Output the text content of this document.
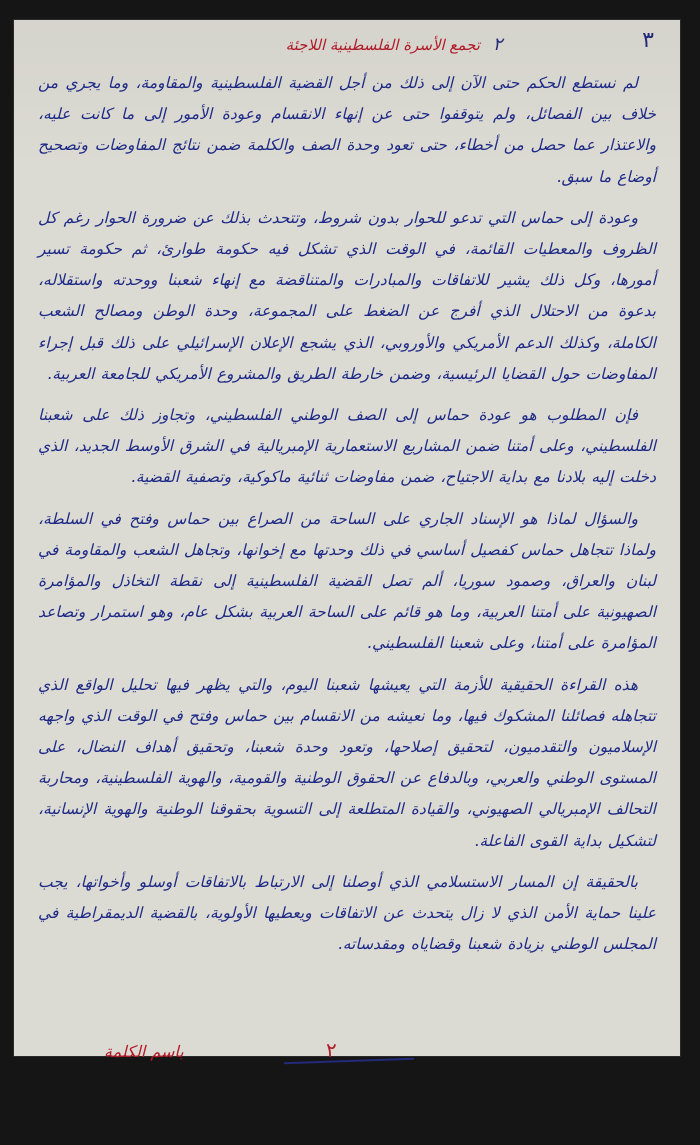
٣
٢ تجمع الأسرة الفلسطينية اللاجئة

لم نستطع الحكم حتى الآن إلى ذلك من أجل القضية الفلسطينية والمقاومة، وما يجري من خلاف بين الفصائل، ولم يتوقفوا حتى عن إنهاء الانقسام وعودة الأمور إلى ما كانت عليه، والاعتذار عما حصل من أخطاء، حتى تعود وحدة الصف والكلمة ضمن نتائج المفاوضات وتصحيح أوضاع ما سبق.

وعودة إلى حماس التي تدعو للحوار بدون شروط، وتتحدث بذلك عن ضرورة الحوار رغم كل الظروف والمعطيات القائمة، في الوقت الذي تشكل فيه حكومة طوارئ، ثم حكومة تسير أمورها، وكل ذلك يشير للاتفاقات والمبادرات والمتناقضة مع إنهاء شعبنا ووحدته واستقلاله، بدعوة من الاحتلال الذي أفرج عن الضغط على المجموعة، وحدة الوطن ومصالح الشعب الكاملة، وكذلك الدعم الأمريكي والأوروبي، الذي يشجع الإعلان الإسرائيلي على ذلك قبل إجراء المفاوضات حول القضايا الرئيسية، وضمن خارطة الطريق والمشروع الأمريكي للجامعة العربية.

فإن المطلوب هو عودة حماس إلى الصف الوطني الفلسطيني، وتجاوز ذلك على شعبنا الفلسطيني، وعلى أمتنا ضمن المشاريع الاستعمارية الإمبريالية في الشرق الأوسط الجديد، الذي دخلت إليه بلادنا مع بداية الاجتياح، ضمن مفاوضات ثنائية ماكوكية، وتصفية القضية.

والسؤال لماذا هو الإسناد الجاري على الساحة من الصراع بين حماس وفتح في السلطة، ولماذا تتجاهل حماس كفصيل أساسي في ذلك وحدتها مع إخوانها، وتجاهل الشعب والمقاومة في لبنان والعراق، وصمود سوريا، ألم تصل القضية الفلسطينية إلى نقطة التخاذل والمؤامرة الصهيونية على أمتنا العربية، وما هو قائم على الساحة العربية بشكل عام، وهو استمرار وتصاعد المؤامرة على أمتنا، وعلى شعبنا الفلسطيني.

هذه القراءة الحقيقية للأزمة التي يعيشها شعبنا اليوم، والتي يظهر فيها تحليل الواقع الذي تتجاهله فصائلنا المشكوك فيها، وما نعيشه من الانقسام بين حماس وفتح في الوقت الذي واجهه الإسلاميون والتقدميون، لتحقيق إصلاحها، وتعود وحدة شعبنا، وتحقيق أهداف النضال، على المستوى الوطني والعربي، وبالدفاع عن الحقوق الوطنية والقومية، والهوية الفلسطينية، ومحاربة التحالف الإمبريالي الصهيوني، والقيادة المتطلعة إلى التسوية بحقوقنا الوطنية والهوية الإنسانية، لتشكيل بداية القوى الفاعلة.

بالحقيقة إن المسار الاستسلامي الذي أوصلنا إلى الارتباط بالاتفاقات أوسلو وأخواتها، يجب علينا حماية الأمن الذي لا زال يتحدث عن الاتفاقات ويعطيها الأولوية، بالقضية الديمقراطية في المجلس الوطني بزيادة شعبنا وقضاياه ومقدساته.

باسم الكلمة	٢
